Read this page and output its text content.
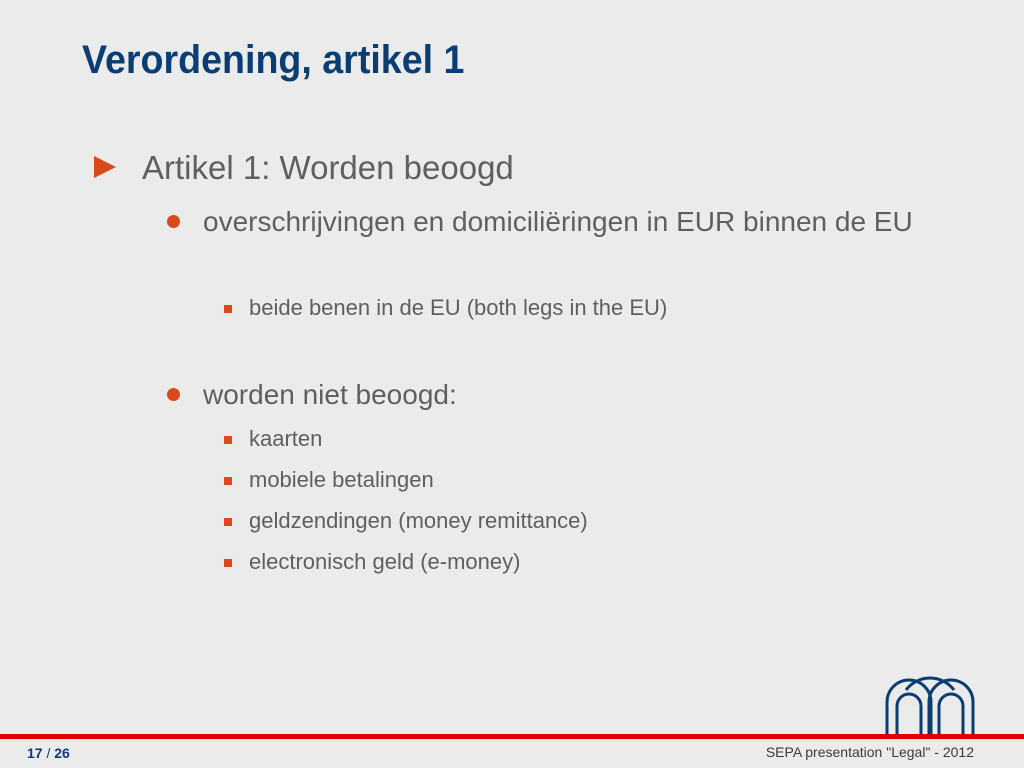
Verordening, artikel 1
Artikel 1: Worden beoogd
overschrijvingen en domiciliëringen in EUR binnen de EU
beide benen in de EU (both legs in the EU)
worden niet beoogd:
kaarten
mobiele betalingen
geldzendingen (money remittance)
electronisch geld (e-money)
17 / 26	SEPA presentation "Legal" - 2012
